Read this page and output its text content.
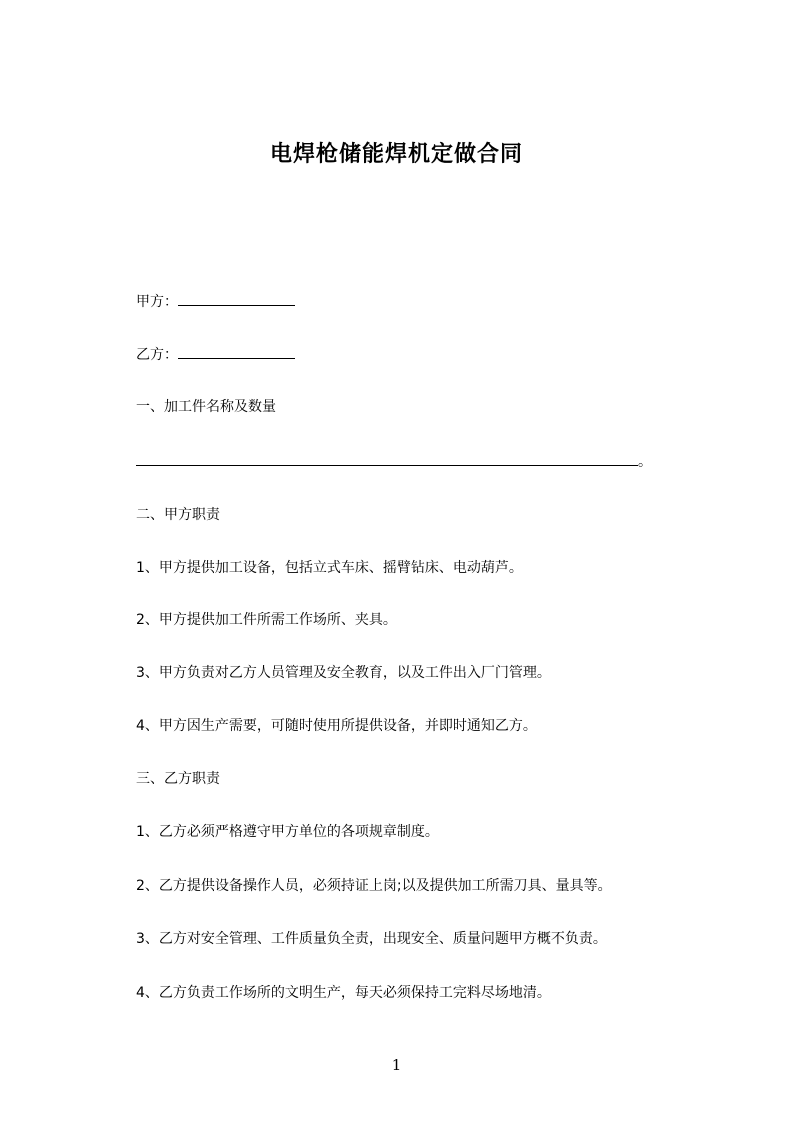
电焊枪储能焊机定做合同
甲方：
乙方：
一、加工件名称及数量
。
二、甲方职责
1、甲方提供加工设备，包括立式车床、摇臂钻床、电动葫芦。
2、甲方提供加工件所需工作场所、夹具。
3、甲方负责对乙方人员管理及安全教育，以及工件出入厂门管理。
4、甲方因生产需要，可随时使用所提供设备，并即时通知乙方。
三、乙方职责
1、乙方必须严格遵守甲方单位的各项规章制度。
2、乙方提供设备操作人员，必须持证上岗;以及提供加工所需刀具、量具等。
3、乙方对安全管理、工件质量负全责，出现安全、质量问题甲方概不负责。
4、乙方负责工作场所的文明生产，每天必须保持工完料尽场地清。
1
